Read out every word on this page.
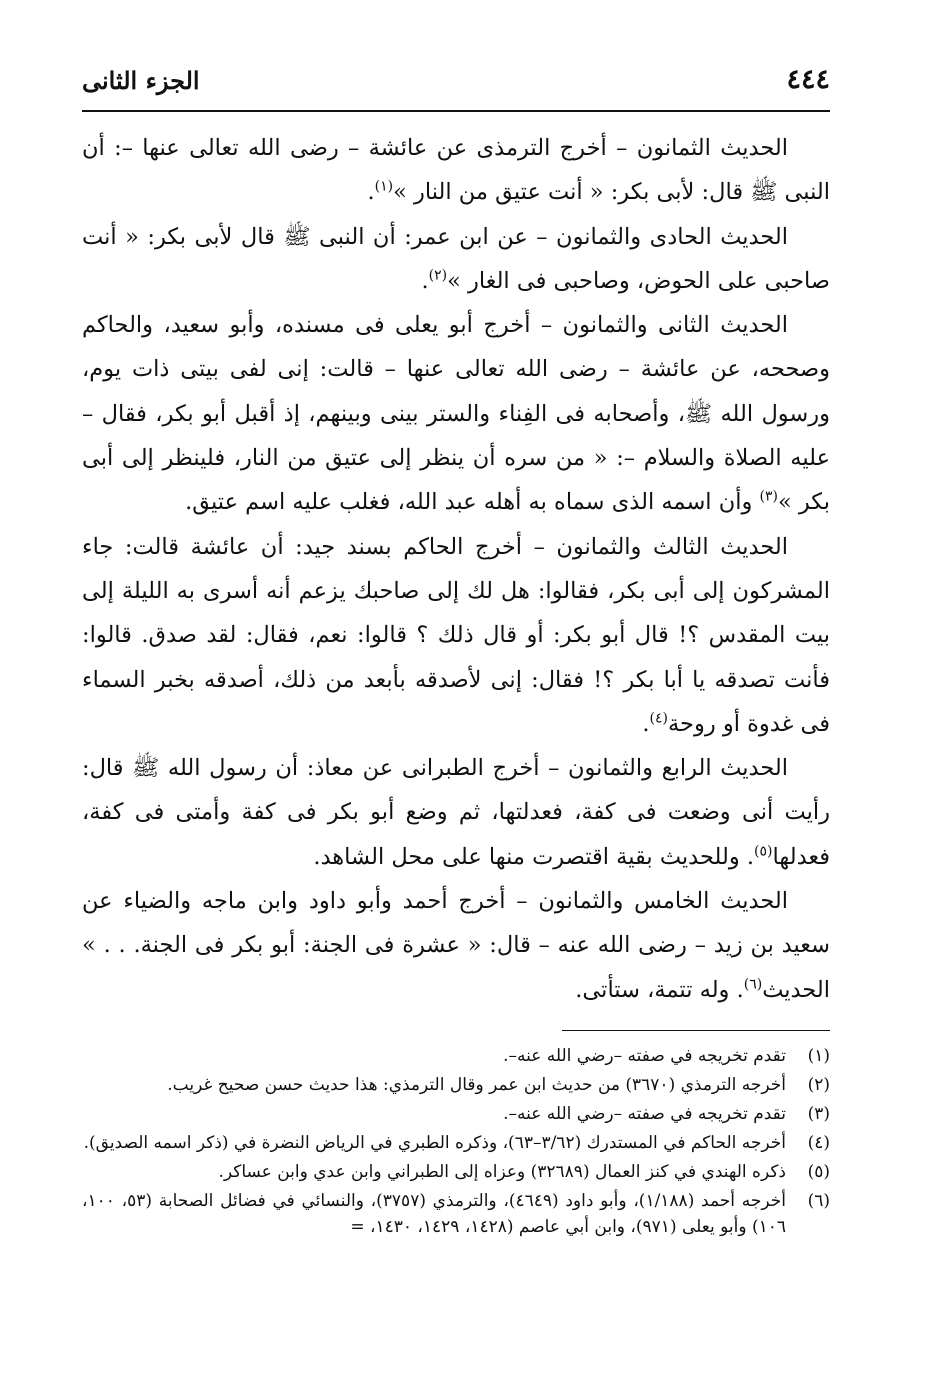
٤٤٤
الجزء الثانى

الحديث الثمانون – أخرج الترمذى عن عائشة – رضى الله تعالى عنها –: أن النبى ﷺ قال: لأبى بكر: « أنت عتيق من النار »$^{(١)}$.

الحديث الحادى والثمانون – عن ابن عمر: أن النبى ﷺ قال لأبى بكر: « أنت صاحبى على الحوض، وصاحبى فى الغار »$^{(٢)}$.

الحديث الثانى والثمانون – أخرج أبو يعلى فى مسنده، وأبو سعيد، والحاكم وصححه، عن عائشة – رضى الله تعالى عنها – قالت: إنى لفى بيتى ذات يوم، ورسول الله ﷺ، وأصحابه فى الفِناء والستر بينى وبينهم، إذ أقبل أبو بكر، فقال – عليه الصلاة والسلام –: « من سره أن ينظر إلى عتيق من النار، فلينظر إلى أبى بكر »$^{(٣)}$ وأن اسمه الذى سماه به أهله عبد الله، فغلب عليه اسم عتيق.

الحديث الثالث والثمانون – أخرج الحاكم بسند جيد: أن عائشة قالت: جاء المشركون إلى أبى بكر، فقالوا: هل لك إلى صاحبك يزعم أنه أسرى به الليلة إلى بيت المقدس ؟! قال أبو بكر: أو قال ذلك ؟ قالوا: نعم، فقال: لقد صدق. قالوا: فأنت تصدقه يا أبا بكر ؟! فقال: إنى لأصدقه بأبعد من ذلك، أصدقه بخبر السماء فى غدوة أو روحة$^{(٤)}$.

الحديث الرابع والثمانون – أخرج الطبرانى عن معاذ: أن رسول الله ﷺ قال: رأيت أنى وضعت فى كفة، فعدلتها، ثم وضع أبو بكر فى كفة وأمتى فى كفة، فعدلها$^{(٥)}$. وللحديث بقية اقتصرت منها على محل الشاهد.

الحديث الخامس والثمانون – أخرج أحمد وأبو داود وابن ماجه والضياء عن سعيد بن زيد – رضى الله عنه – قال: « عشرة فى الجنة: أبو بكر فى الجنة. . . » الحديث$^{(٦)}$. وله تتمة، ستأتى.

(١)
تقدم تخريجه في صفته –رضي الله عنه–.
(٢)
أخرجه الترمذي (٣٦٧٠) من حديث ابن عمر وقال الترمذي: هذا حديث حسن صحيح غريب.
(٣)
تقدم تخريجه في صفته –رضي الله عنه–.
(٤)
أخرجه الحاكم في المستدرك (٣/٦٢–٦٣)، وذكره الطبري في الرياض النضرة في (ذكر اسمه الصديق).
(٥)
ذكره الهندي في كنز العمال (٣٢٦٨٩) وعزاه إلى الطبراني وابن عدي وابن عساكر.
(٦)
أخرجه أحمد (١/١٨٨)، وأبو داود (٤٦٤٩)، والترمذي (٣٧٥٧)، والنسائي في فضائل الصحابة (٥٣، ١٠٠، ١٠٦) وأبو يعلى (٩٧١)، وابن أبي عاصم (١٤٢٨، ١٤٢٩، ١٤٣٠، =
